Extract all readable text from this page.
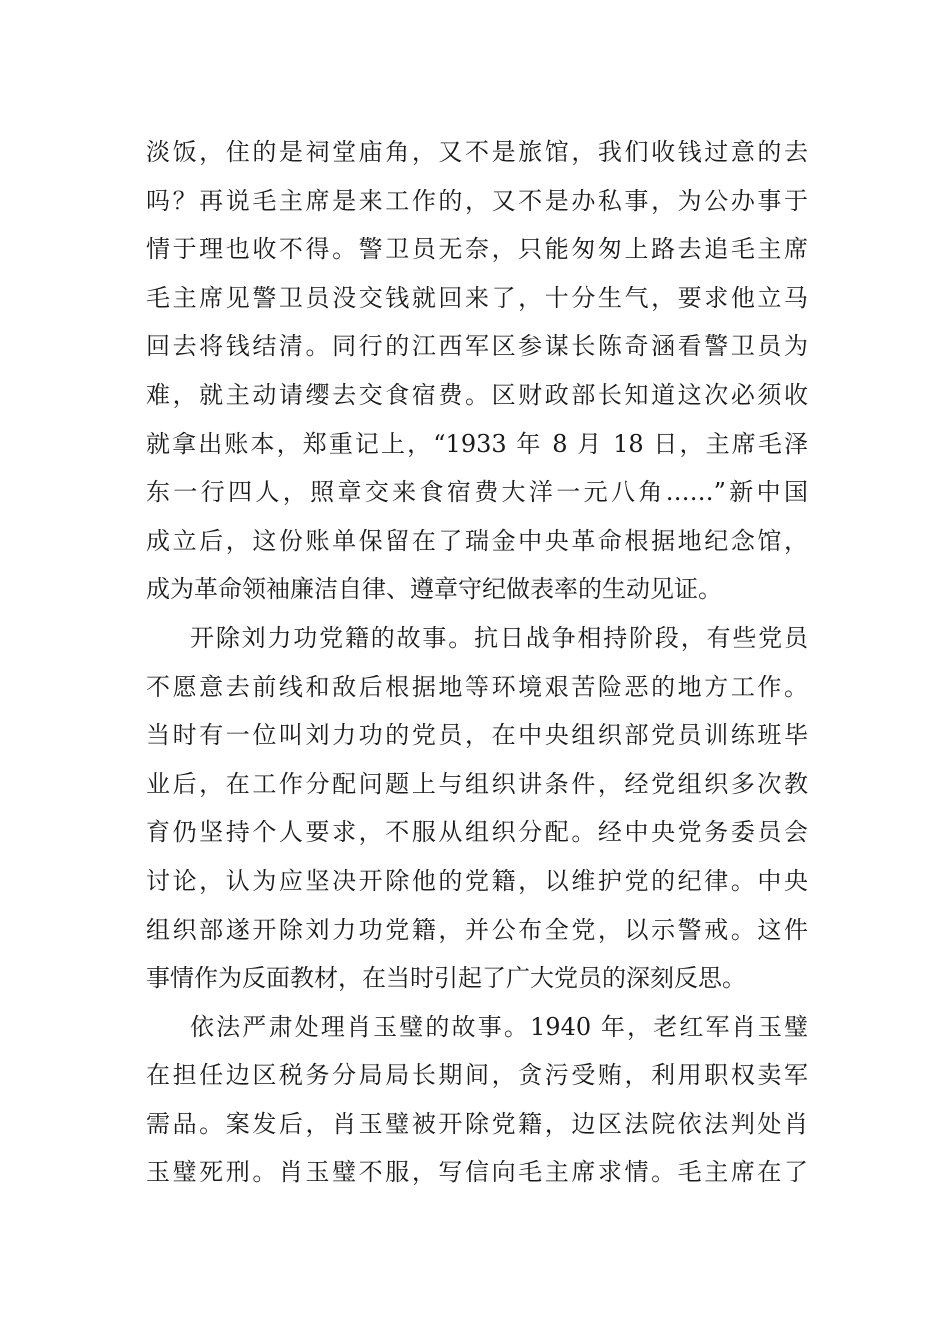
淡饭，住的是祠堂庙角，又不是旅馆，我们收钱过意的去
吗？再说毛主席是来工作的，又不是办私事，为公办事于
情于理也收不得。警卫员无奈，只能匆匆上路去追毛主席
毛主席见警卫员没交钱就回来了，十分生气，要求他立马
回去将钱结清。同行的江西军区参谋长陈奇涵看警卫员为
难，就主动请缨去交食宿费。区财政部长知道这次必须收
就拿出账本，郑重记上，“1933 年 8 月 18 日，主席毛泽
东一行四人，照章交来食宿费大洋一元八角……”新中国
成立后，这份账单保留在了瑞金中央革命根据地纪念馆，
成为革命领袖廉洁自律、遵章守纪做表率的生动见证。
开除刘力功党籍的故事。抗日战争相持阶段，有些党员
不愿意去前线和敌后根据地等环境艰苦险恶的地方工作。
当时有一位叫刘力功的党员，在中央组织部党员训练班毕
业后，在工作分配问题上与组织讲条件，经党组织多次教
育仍坚持个人要求，不服从组织分配。经中央党务委员会
讨论，认为应坚决开除他的党籍，以维护党的纪律。中央
组织部遂开除刘力功党籍，并公布全党，以示警戒。这件
事情作为反面教材，在当时引起了广大党员的深刻反思。
依法严肃处理肖玉璧的故事。1940 年，老红军肖玉璧
在担任边区税务分局局长期间，贪污受贿，利用职权卖军
需品。案发后，肖玉璧被开除党籍，边区法院依法判处肖
玉璧死刑。肖玉璧不服，写信向毛主席求情。毛主席在了
